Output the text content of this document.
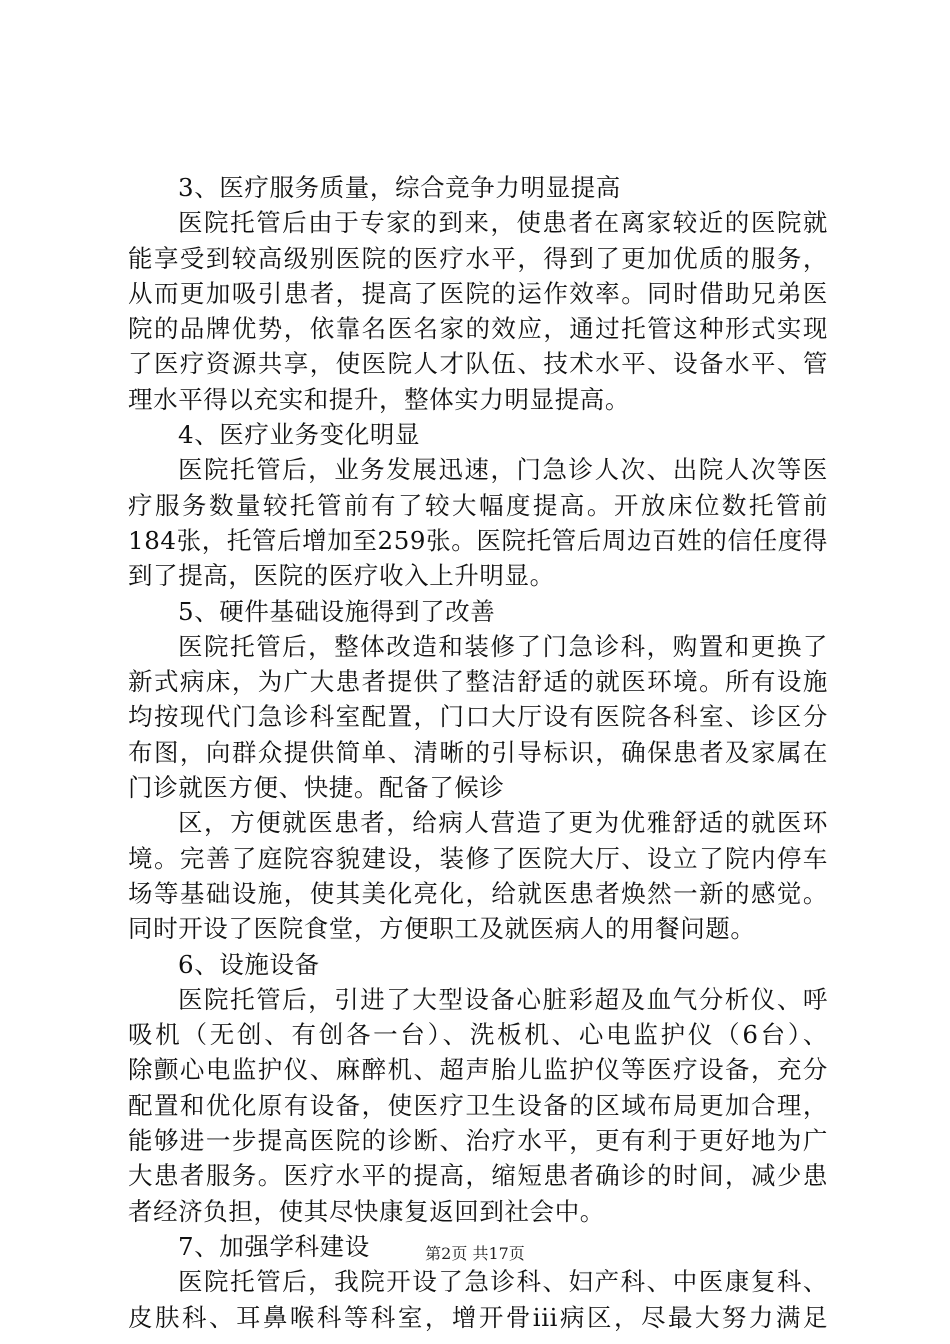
3、医疗服务质量，综合竞争力明显提高
医院托管后由于专家的到来，使患者在离家较近的医院就
能享受到较高级别医院的医疗水平，得到了更加优质的服务，
从而更加吸引患者，提高了医院的运作效率。同时借助兄弟医
院的品牌优势，依靠名医名家的效应，通过托管这种形式实现
了医疗资源共享，使医院人才队伍、技术水平、设备水平、管
理水平得以充实和提升，整体实力明显提高。
4、医疗业务变化明显
医院托管后，业务发展迅速，门急诊人次、出院人次等医
疗服务数量较托管前有了较大幅度提高。开放床位数托管前
184张，托管后增加至259张。医院托管后周边百姓的信任度得
到了提高，医院的医疗收入上升明显。
5、硬件基础设施得到了改善
医院托管后，整体改造和装修了门急诊科，购置和更换了
新式病床，为广大患者提供了整洁舒适的就医环境。所有设施
均按现代门急诊科室配置，门口大厅设有医院各科室、诊区分
布图，向群众提供简单、清晰的引导标识，确保患者及家属在
门诊就医方便、快捷。配备了候诊
区，方便就医患者，给病人营造了更为优雅舒适的就医环
境。完善了庭院容貌建设，装修了医院大厅、设立了院内停车
场等基础设施，使其美化亮化，给就医患者焕然一新的感觉。
同时开设了医院食堂，方便职工及就医病人的用餐问题。
6、设施设备
医院托管后，引进了大型设备心脏彩超及血气分析仪、呼
吸机（无创、有创各一台）、洗板机、心电监护仪（6台）、
除颤心电监护仪、麻醉机、超声胎儿监护仪等医疗设备，充分
配置和优化原有设备，使医疗卫生设备的区域布局更加合理，
能够进一步提高医院的诊断、治疗水平，更有利于更好地为广
大患者服务。医疗水平的提高，缩短患者确诊的时间，减少患
者经济负担，使其尽快康复返回到社会中。
7、加强学科建设
医院托管后，我院开设了急诊科、妇产科、中医康复科、
皮肤科、耳鼻喉科等科室，增开骨iii病区，尽最大努力满足
第2页 共17页
